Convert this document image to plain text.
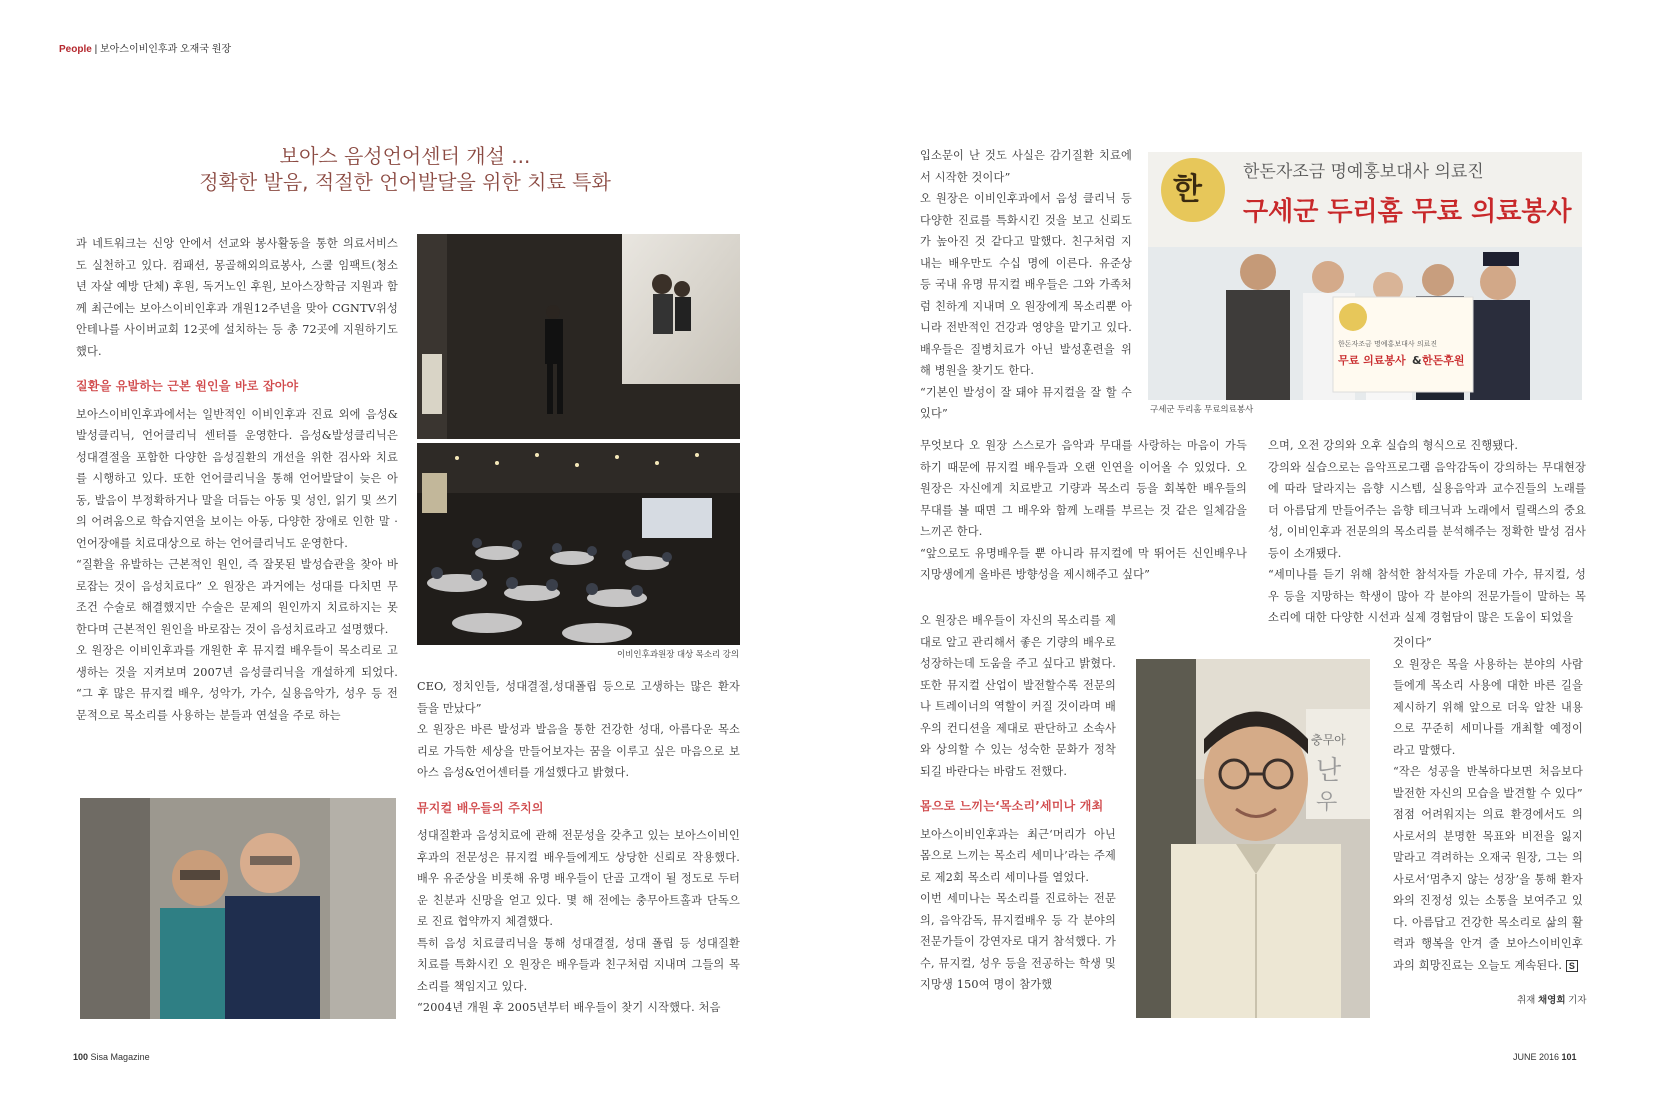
People | 보아스이비인후과 오재국 원장
보아스 음성언어센터 개설 ...
정확한 발음, 적절한 언어발달을 위한 치료 특화

과 네트워크는 신앙 안에서 선교와 봉사활동을 통한 의료서비스도 실천하고 있다. 컴패션, 몽골해외의료봉사, 스쿨 임팩트(청소년 자살 예방 단체) 후원, 독거노인 후원, 보아스장학금 지원과 함께 최근에는 보아스이비인후과 개원12주년을 맞아 CGNTV위성안테나를 사이버교회 12곳에 설치하는 등 총 72곳에 지원하기도 했다.

질환을 유발하는 근본 원인을 바로 잡아야

보아스이비인후과에서는 일반적인 이비인후과 진료 외에 음성&발성클리닉, 언어클리닉 센터를 운영한다. 음성&발성클리닉은 성대결절을 포함한 다양한 음성질환의 개선을 위한 검사와 치료를 시행하고 있다. 또한 언어클리닉을 통해 언어발달이 늦은 아동, 발음이 부정확하거나 말을 더듬는 아동 및 성인, 읽기 및 쓰기의 어려움으로 학습지연을 보이는 아동, 다양한 장애로 인한 말 · 언어장애를 치료대상으로 하는 언어클리닉도 운영한다.

“질환을 유발하는 근본적인 원인, 즉 잘못된 발성습관을 찾아 바로잡는 것이 음성치료다” 오 원장은 과거에는 성대를 다치면 무조건 수술로 해결했지만 수술은 문제의 원인까지 치료하지는 못한다며 근본적인 원인을 바로잡는 것이 음성치료라고 설명했다.

오 원장은 이비인후과를 개원한 후 뮤지컬 배우들이 목소리로 고생하는 것을 지켜보며 2007년 음성클리닉을 개설하게 되었다. “그 후 많은 뮤지컬 배우, 성악가, 가수, 실용음악가, 성우 등 전문적으로 목소리를 사용하는 분들과 연설을 주로 하는

이비인후과원장 대상 목소리 강의

CEO, 정치인들, 성대결절,성대폴립 등으로 고생하는 많은 환자들을 만났다”

오 원장은 바른 발성과 발음을 통한 건강한 성대, 아름다운 목소리로 가득한 세상을 만들어보자는 꿈을 이루고 싶은 마음으로 보아스 음성&언어센터를 개설했다고 밝혔다.

뮤지컬 배우들의 주치의

성대질환과 음성치료에 관해 전문성을 갖추고 있는 보아스이비인후과의 전문성은 뮤지컬 배우들에게도 상당한 신뢰로 작용했다. 배우 유준상을 비롯해 유명 배우들이 단골 고객이 될 정도로 두터운 친분과 신망을 얻고 있다. 몇 해 전에는 충무아트홀과 단독으로 진료 협약까지 체결했다.

특히 음성 치료클리닉을 통해 성대결절, 성대 폴립 등 성대질환 치료를 특화시킨 오 원장은 배우들과 친구처럼 지내며 그들의 목소리를 책임지고 있다.

“2004년 개원 후 2005년부터 배우들이 찾기 시작했다. 처음

입소문이 난 것도 사실은 감기질환 치료에서 시작한 것이다”

오 원장은 이비인후과에서 음성 클리닉 등 다양한 진료를 특화시킨 것을 보고 신뢰도가 높아진 것 같다고 말했다. 친구처럼 지내는 배우만도 수십 명에 이른다. 유준상 등 국내 유명 뮤지컬 배우들은 그와 가족처럼 친하게 지내며 오 원장에게 목소리뿐 아니라 전반적인 건강과 영양을 맡기고 있다. 배우들은 질병치료가 아닌 발성훈련을 위해 병원을 찾기도 한다.

“기본인 발성이 잘 돼야 뮤지컬을 잘 할 수 있다”

한 한돈자조금 명예홍보대사 의료진
구세군 두리홈 무료 의료봉사
한돈자조금 명예홍보대사 의료진
무료 의료봉사 & 한돈후원
구세군 두리홈 무료의료봉사

무엇보다 오 원장 스스로가 음악과 무대를 사랑하는 마음이 가득하기 때문에 뮤지컬 배우들과 오랜 인연을 이어올 수 있었다. 오 원장은 자신에게 치료받고 기량과 목소리 등을 회복한 배우들의 무대를 볼 때면 그 배우와 함께 노래를 부르는 것 같은 일체감을 느끼곤 한다.

“앞으로도 유명배우들 뿐 아니라 뮤지컬에 막 뛰어든 신인배우나 지망생에게 올바른 방향성을 제시해주고 싶다”

오 원장은 배우들이 자신의 목소리를 제대로 알고 관리해서 좋은 기량의 배우로 성장하는데 도움을 주고 싶다고 밝혔다. 또한 뮤지컬 산업이 발전할수록 전문의나 트레이너의 역할이 커질 것이라며 배우의 컨디션을 제대로 판단하고 소속사와 상의할 수 있는 성숙한 문화가 정착되길 바란다는 바람도 전했다.

몸으로 느끼는‘목소리’세미나 개최

보아스이비인후과는 최근‘머리가 아닌 몸으로 느끼는 목소리 세미나’라는 주제로 제2회 목소리 세미나를 열었다.

이번 세미나는 목소리를 진료하는 전문의, 음악감독, 뮤지컬배우 등 각 분야의 전문가들이 강연자로 대거 참석했다. 가수, 뮤지컬, 성우 등을 전공하는 학생 및 지망생 150여 명이 참가했

으며, 오전 강의와 오후 실습의 형식으로 진행됐다.

강의와 실습으로는 음악프로그램 음악감독이 강의하는 무대현장에 따라 달라지는 음향 시스템, 실용음악과 교수진들의 노래를 더 아름답게 만들어주는 음향 테크닉과 노래에서 릴랙스의 중요성, 이비인후과 전문의의 목소리를 분석해주는 정확한 발성 검사 등이 소개됐다.

“세미나를 듣기 위해 참석한 참석자들 가운데 가수, 뮤지컬, 성우 등을 지망하는 학생이 많아 각 분야의 전문가들이 말하는 목소리에 대한 다양한 시선과 실제 경험담이 많은 도움이 되었을

충무아
난
우

것이다”

오 원장은 목을 사용하는 분야의 사람들에게 목소리 사용에 대한 바른 길을 제시하기 위해 앞으로 더욱 알찬 내용으로 꾸준히 세미나를 개최할 예정이라고 말했다.

“작은 성공을 반복하다보면 처음보다 발전한 자신의 모습을 발견할 수 있다”

점점 어려워지는 의료 환경에서도 의사로서의 분명한 목표와 비전을 잃지 말라고 격려하는 오재국 원장, 그는 의사로서‘멈추지 않는 성장’을 통해 환자와의 진정성 있는 소통을 보여주고 있다. 아름답고 건강한 목소리로 삶의 활력과 행복을 안겨 줄 보아스이비인후과의 희망진료는 오늘도 계속된다. S

취재 채영희 기자
100 Sisa Magazine	JUNE 2016 101
